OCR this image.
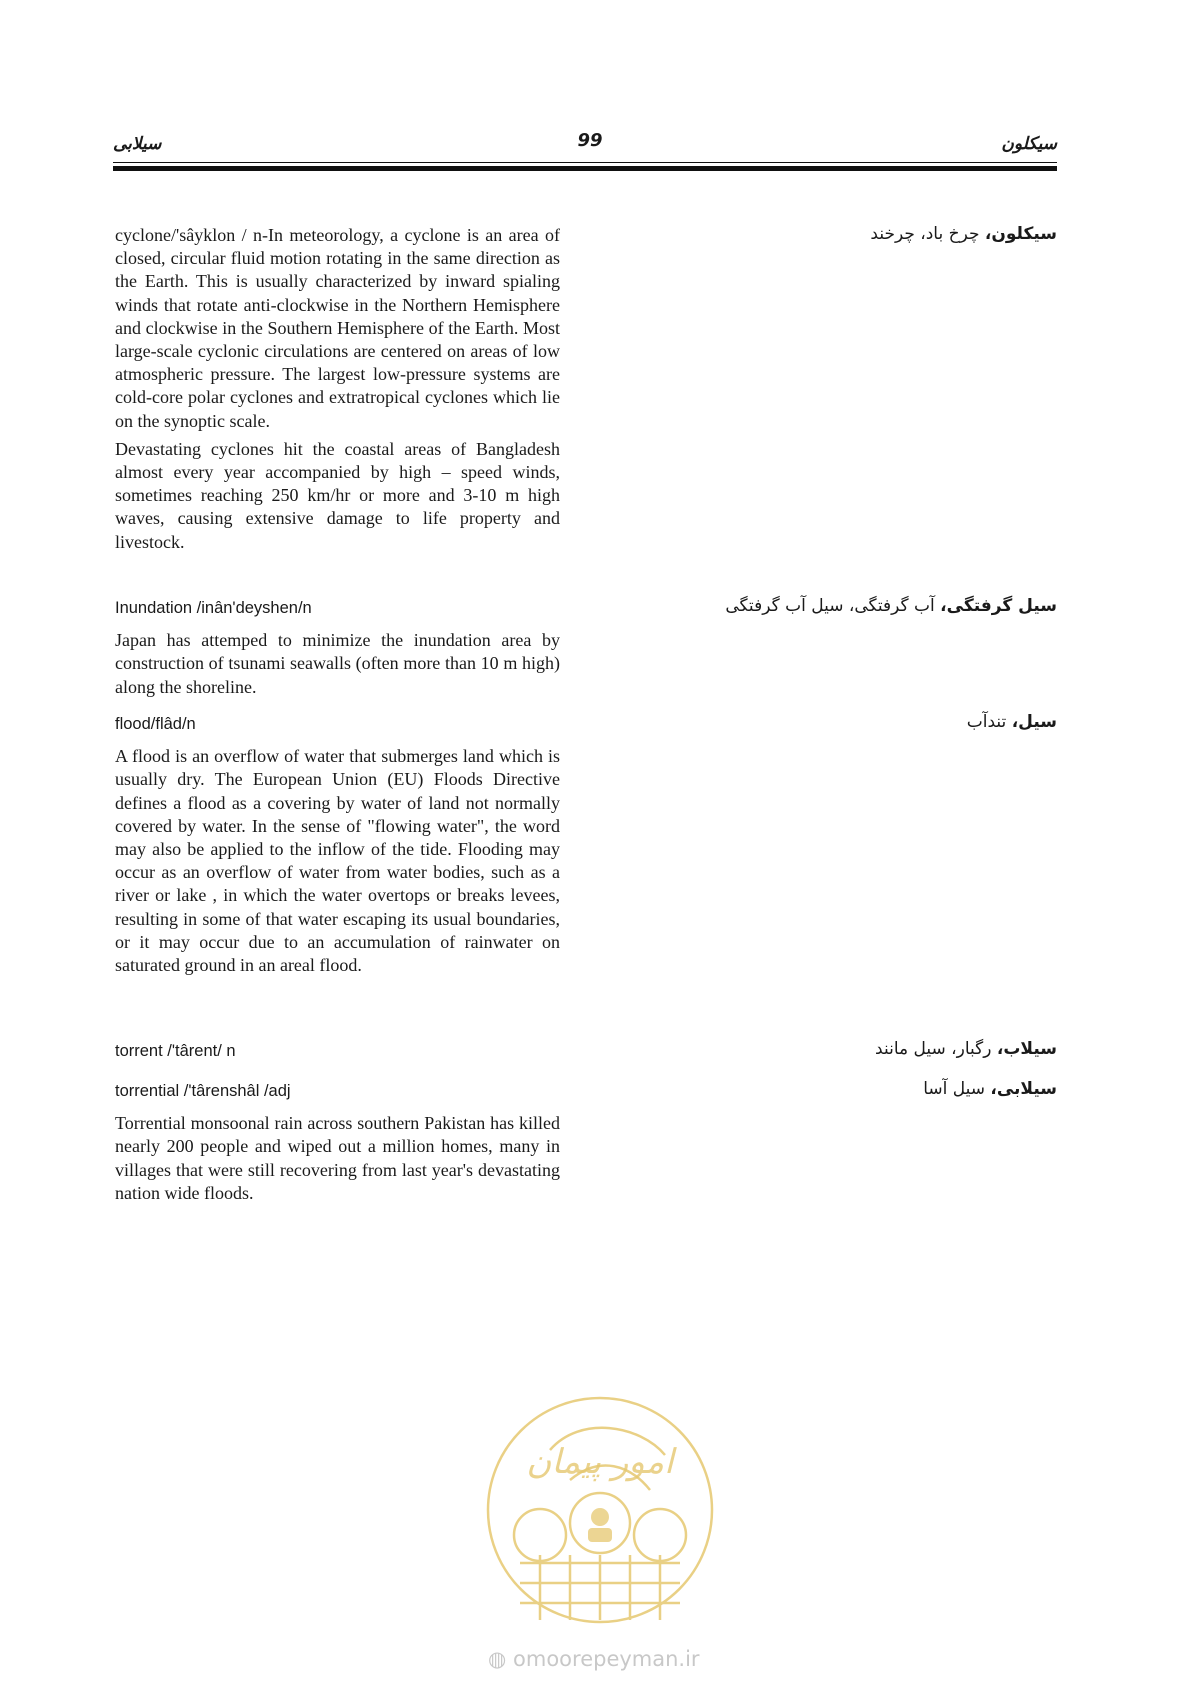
سیلابی	99	سیکلون

cyclone/'sâyklon / n-In meteorology, a cyclone is an area of closed, circular fluid motion rotating in the same direction as the Earth. This is usually characterized by inward spialing winds that rotate anti-clockwise in the Northern Hemisphere and clockwise in the Southern Hemisphere of the Earth. Most large-scale cyclonic circulations are centered on areas of low atmospheric pressure. The largest low-pressure systems are cold-core polar cyclones and extratropical cyclones which lie on the synoptic scale.

Devastating cyclones hit the coastal areas of Bangladesh almost every year accompanied by high – speed winds, sometimes reaching 250 km/hr or more and 3-10 m high waves, causing extensive damage to life property and livestock.

سیکلون، چرخ باد، چرخند

Inundation /inân'deyshen/n

Japan has attemped to minimize the inundation area by construction of tsunami seawalls (often more than 10 m high) along the shoreline.

سیل گرفتگی، آب گرفتگی، سیل آب گرفتگی

flood/flâd/n

A flood is an overflow of water that submerges land which is usually dry. The European Union (EU) Floods Directive defines a flood as a covering by water of land not normally covered by water. In the sense of "flowing water", the word may also be applied to the inflow of the tide. Flooding may occur as an overflow of water from water bodies, such as a river or lake , in which the water overtops or breaks levees, resulting in some of that water escaping its usual boundaries, or it may occur due to an accumulation of rainwater on saturated ground in an areal flood.

سیل، تندآب

torrent /'târent/ n	سیلاب، رگبار، سیل مانند

torrential /'târenshâl /adj

Torrential monsoonal rain across southern Pakistan has killed nearly 200 people and wiped out a million homes, many in villages that were still recovering from last year's devastating nation wide floods.

سیلابی، سیل آسا
امور پیمان
◍ omoorepeyman.ir
